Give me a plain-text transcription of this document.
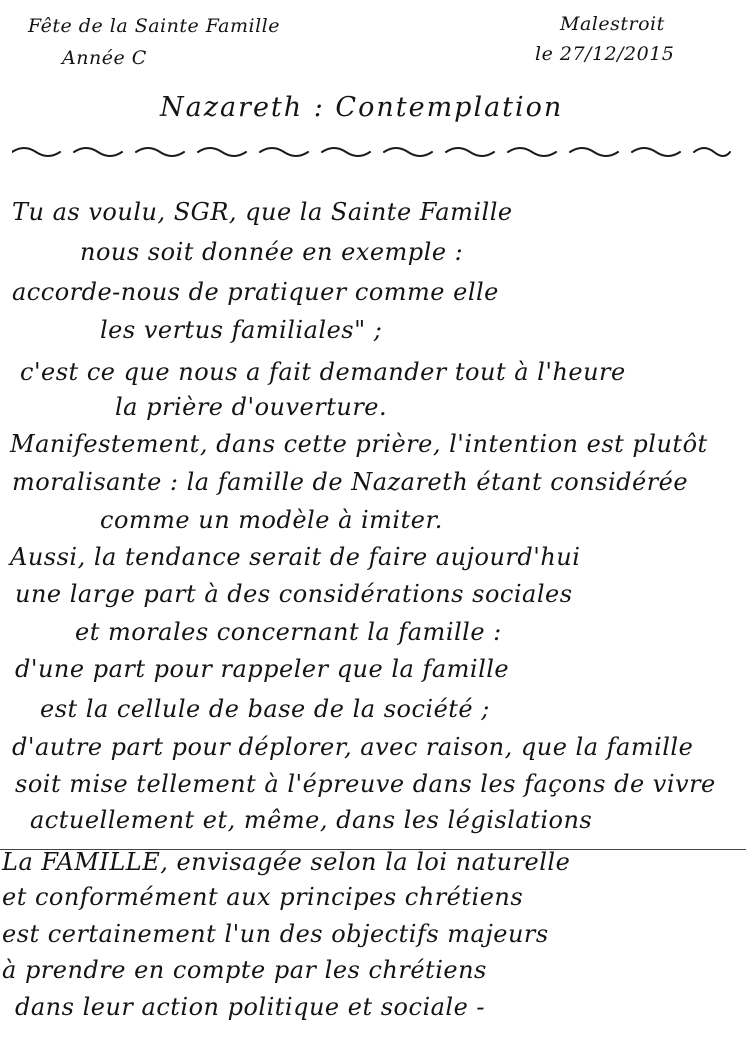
Fête de la Sainte Famille
Année C
Malestroit
le 27/12/2015
Nazareth : Contemplation
Tu as voulu, SGR, que la Sainte Famille
nous soit donnée en exemple :
accorde-nous de pratiquer comme elle
les vertus familiales" ;
c'est ce que nous a fait demander tout à l'heure
la prière d'ouverture.
Manifestement, dans cette prière, l'intention est plutôt
moralisante : la famille de Nazareth étant considérée
comme un modèle à imiter.
Aussi, la tendance serait de faire aujourd'hui
une large part à des considérations sociales
et morales concernant la famille :
d'une part pour rappeler que la famille
est la cellule de base de la société ;
d'autre part pour déplorer, avec raison, que la famille
soit mise tellement à l'épreuve dans les façons de vivre
actuellement et, même, dans les législations
La FAMILLE, envisagée selon la loi naturelle
et conformément aux principes chrétiens
est certainement l'un des objectifs majeurs
à prendre en compte par les chrétiens
dans leur action politique et sociale -
